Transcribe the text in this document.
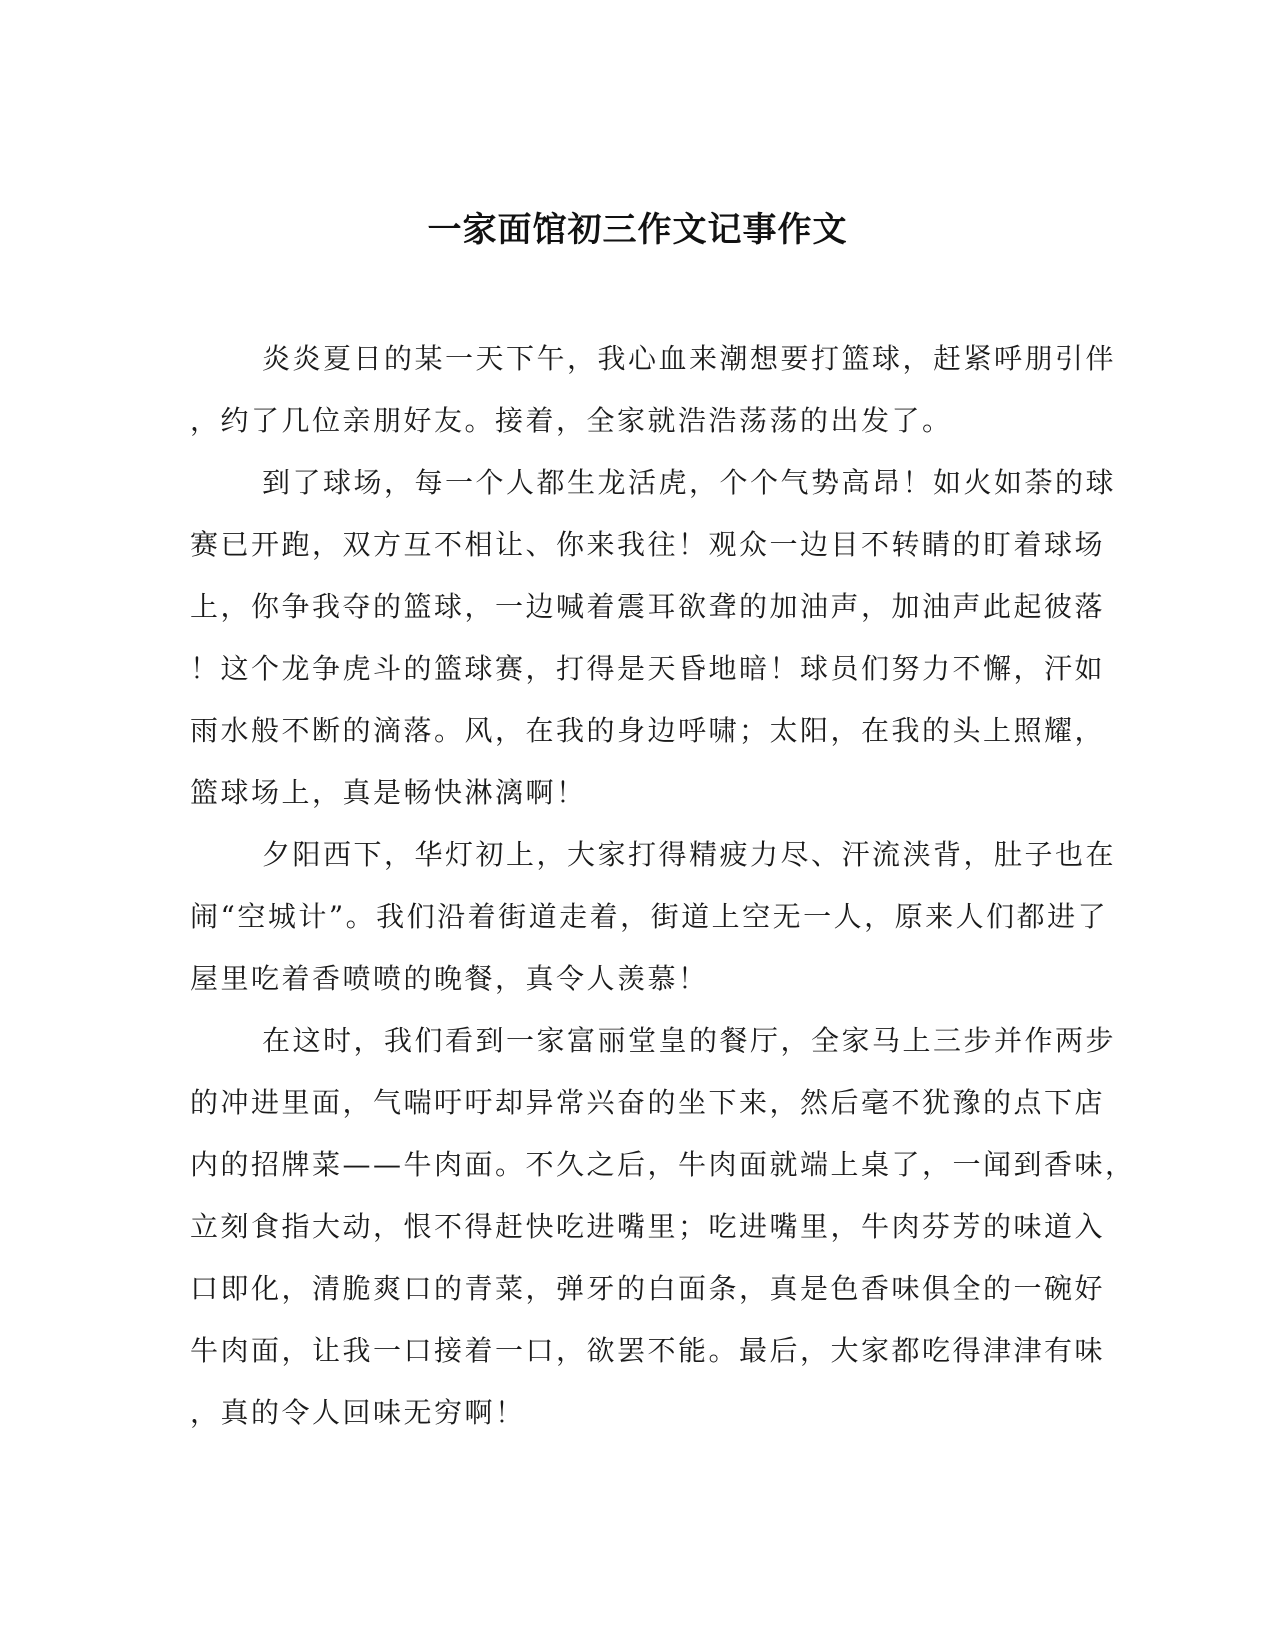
一家面馆初三作文记事作文
炎炎夏日的某一天下午，我心血来潮想要打篮球，赶紧呼朋引伴
，约了几位亲朋好友。接着，全家就浩浩荡荡的出发了。
到了球场，每一个人都生龙活虎，个个气势高昂！如火如荼的球
赛已开跑，双方互不相让、你来我往！观众一边目不转睛的盯着球场
上，你争我夺的篮球，一边喊着震耳欲聋的加油声，加油声此起彼落
！这个龙争虎斗的篮球赛，打得是天昏地暗！球员们努力不懈，汗如
雨水般不断的滴落。风，在我的身边呼啸；太阳，在我的头上照耀，
篮球场上，真是畅快淋漓啊！
夕阳西下，华灯初上，大家打得精疲力尽、汗流浃背，肚子也在
闹“空城计”。我们沿着街道走着，街道上空无一人，原来人们都进了
屋里吃着香喷喷的晚餐，真令人羡慕！
在这时，我们看到一家富丽堂皇的餐厅，全家马上三步并作两步
的冲进里面，气喘吁吁却异常兴奋的坐下来，然后毫不犹豫的点下店
内的招牌菜——牛肉面。不久之后，牛肉面就端上桌了，一闻到香味，
立刻食指大动，恨不得赶快吃进嘴里；吃进嘴里，牛肉芬芳的味道入
口即化，清脆爽口的青菜，弹牙的白面条，真是色香味俱全的一碗好
牛肉面，让我一口接着一口，欲罢不能。最后，大家都吃得津津有味
，真的令人回味无穷啊！
